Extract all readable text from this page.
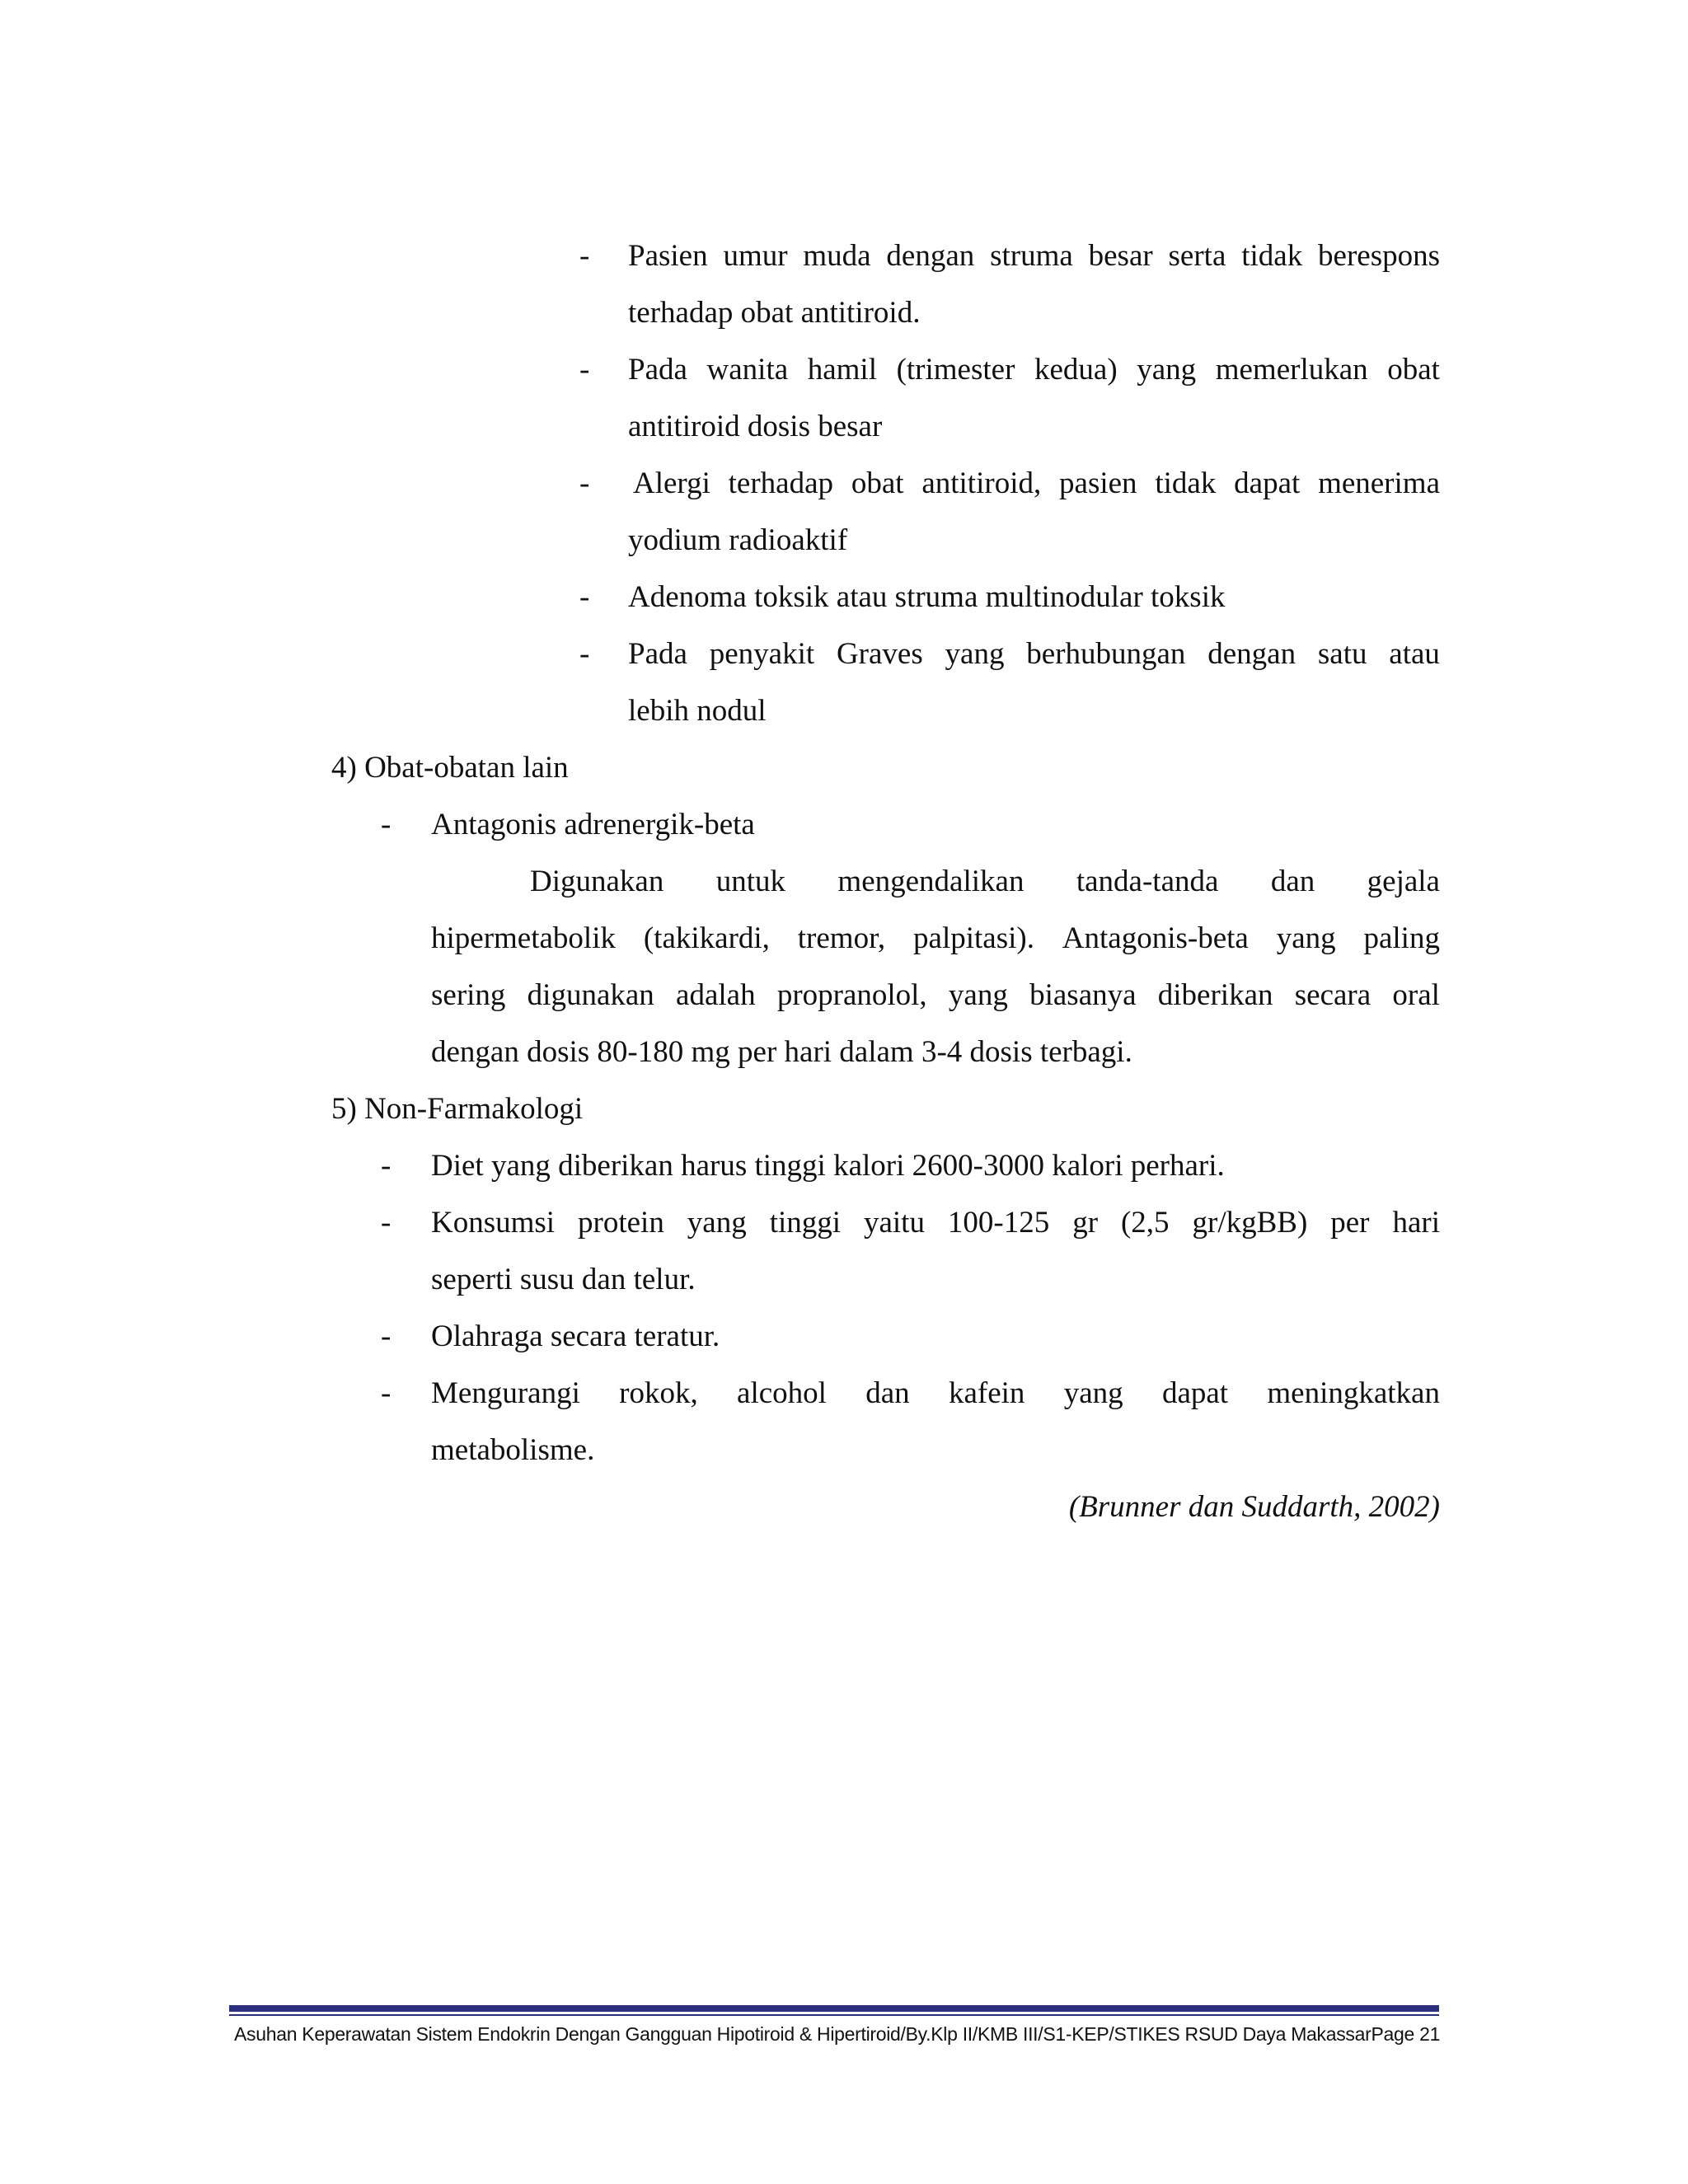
- Pasien umur muda dengan struma besar serta tidak berespons
terhadap obat antitiroid.
- Pada wanita hamil (trimester kedua) yang memerlukan obat
antitiroid dosis besar
- Alergi terhadap obat antitiroid, pasien tidak dapat menerima
yodium radioaktif
- Adenoma toksik atau struma multinodular toksik
- Pada penyakit Graves yang berhubungan dengan satu atau
lebih nodul
4) Obat-obatan lain
- Antagonis adrenergik-beta
Digunakan untuk mengendalikan tanda-tanda dan gejala
hipermetabolik (takikardi, tremor, palpitasi). Antagonis-beta yang paling
sering digunakan adalah propranolol, yang biasanya diberikan secara oral
dengan dosis 80-180 mg per hari dalam 3-4 dosis terbagi.
5) Non-Farmakologi
- Diet yang diberikan harus tinggi kalori 2600-3000 kalori perhari.
- Konsumsi protein yang tinggi yaitu 100-125 gr (2,5 gr/kgBB) per hari
seperti susu dan telur.
- Olahraga secara teratur.
- Mengurangi rokok, alcohol dan kafein yang dapat meningkatkan
metabolisme.
(Brunner dan Suddarth, 2002)
Asuhan Keperawatan Sistem Endokrin Dengan Gangguan Hipotiroid & Hipertiroid/By.Klp II/KMB III/S1-KEP/STIKES RSUD Daya Makassar Page 21
